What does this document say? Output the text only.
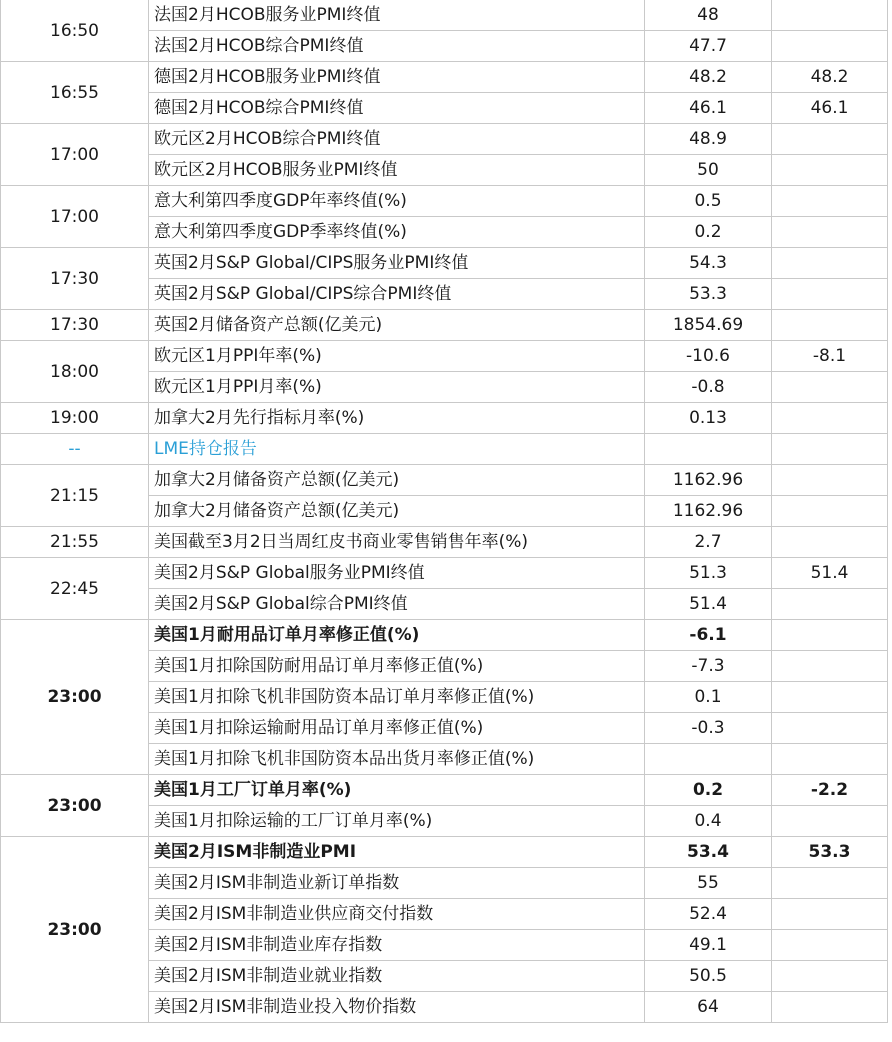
16:50	法国2月HCOB服务业PMI终值	48	
	法国2月HCOB综合PMI终值	47.7	
16:55	德国2月HCOB服务业PMI终值	48.2	48.2
	德国2月HCOB综合PMI终值	46.1	46.1
17:00	欧元区2月HCOB综合PMI终值	48.9	
	欧元区2月HCOB服务业PMI终值	50	
17:00	意大利第四季度GDP年率终值(%)	0.5	
	意大利第四季度GDP季率终值(%)	0.2	
17:30	英国2月S&P Global/CIPS服务业PMI终值	54.3	
	英国2月S&P Global/CIPS综合PMI终值	53.3	
17:30	英国2月储备资产总额(亿美元)	1854.69	
18:00	欧元区1月PPI年率(%)	-10.6	-8.1
	欧元区1月PPI月率(%)	-0.8	
19:00	加拿大2月先行指标月率(%)	0.13	
--	LME持仓报告		
21:15	加拿大2月储备资产总额(亿美元)	1162.96	
	加拿大2月储备资产总额(亿美元)	1162.96	
21:55	美国截至3月2日当周红皮书商业零售销售年率(%)	2.7	
22:45	美国2月S&P Global服务业PMI终值	51.3	51.4
	美国2月S&P Global综合PMI终值	51.4	
23:00	美国1月耐用品订单月率修正值(%)	-6.1	
	美国1月扣除国防耐用品订单月率修正值(%)	-7.3	
	美国1月扣除飞机非国防资本品订单月率修正值(%)	0.1	
	美国1月扣除运输耐用品订单月率修正值(%)	-0.3	
	美国1月扣除飞机非国防资本品出货月率修正值(%)		
23:00	美国1月工厂订单月率(%)	0.2	-2.2
	美国1月扣除运输的工厂订单月率(%)	0.4	
23:00	美国2月ISM非制造业PMI	53.4	53.3
	美国2月ISM非制造业新订单指数	55	
	美国2月ISM非制造业供应商交付指数	52.4	
	美国2月ISM非制造业库存指数	49.1	
	美国2月ISM非制造业就业指数	50.5	
	美国2月ISM非制造业投入物价指数	64	
